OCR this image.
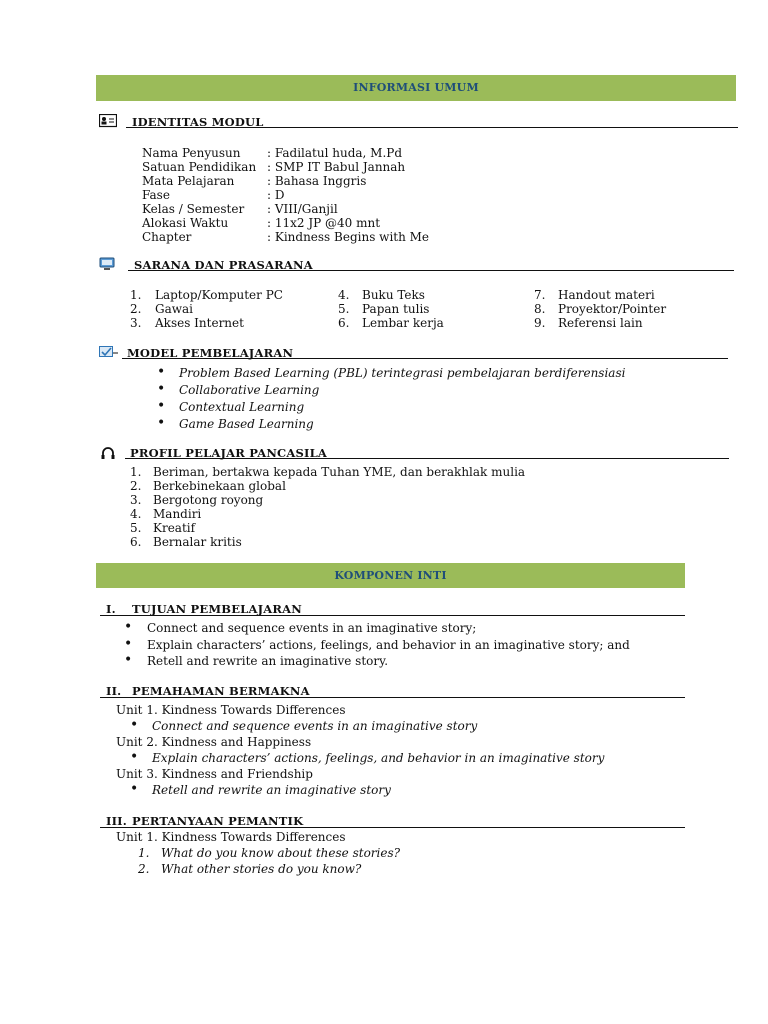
INFORMASI UMUM
IDENTITAS MODUL
Nama Penyusun : Fadilatul huda, M.Pd
Satuan Pendidikan : SMP IT Babul Jannah
Mata Pelajaran	: Bahasa Inggris
Fase	: D
Kelas / Semester : VIII/Ganjil
Alokasi Waktu	: 11x2 JP @40 mnt
Chapter	: Kindness Begins with Me
SARANA DAN PRASARANA
1. Laptop/Komputer PC
2. Gawai
3. Akses Internet
4. Buku Teks
5. Papan tulis
6. Lembar kerja
7. Handout materi
8. Proyektor/Pointer
9. Referensi lain
MODEL PEMBELAJARAN
• Problem Based Learning (PBL) terintegrasi pembelajaran berdiferensiasi
• Collaborative Learning
• Contextual Learning
• Game Based Learning
PROFIL PELAJAR PANCASILA
1. Beriman, bertakwa kepada Tuhan YME, dan berakhlak mulia
2. Berkebinekaan global
3. Bergotong royong
4. Mandiri
5. Kreatif
6. Bernalar kritis
KOMPONEN INTI
I. TUJUAN PEMBELAJARAN
• Connect and sequence events in an imaginative story;
• Explain characters’ actions, feelings, and behavior in an imaginative story; and
• Retell and rewrite an imaginative story.
II. PEMAHAMAN BERMAKNA
Unit 1. Kindness Towards Differences
• Connect and sequence events in an imaginative story
Unit 2. Kindness and Happiness
• Explain characters’ actions, feelings, and behavior in an imaginative story
Unit 3. Kindness and Friendship
• Retell and rewrite an imaginative story
III. PERTANYAAN PEMANTIK
Unit 1. Kindness Towards Differences
1. What do you know about these stories?
2. What other stories do you know?
